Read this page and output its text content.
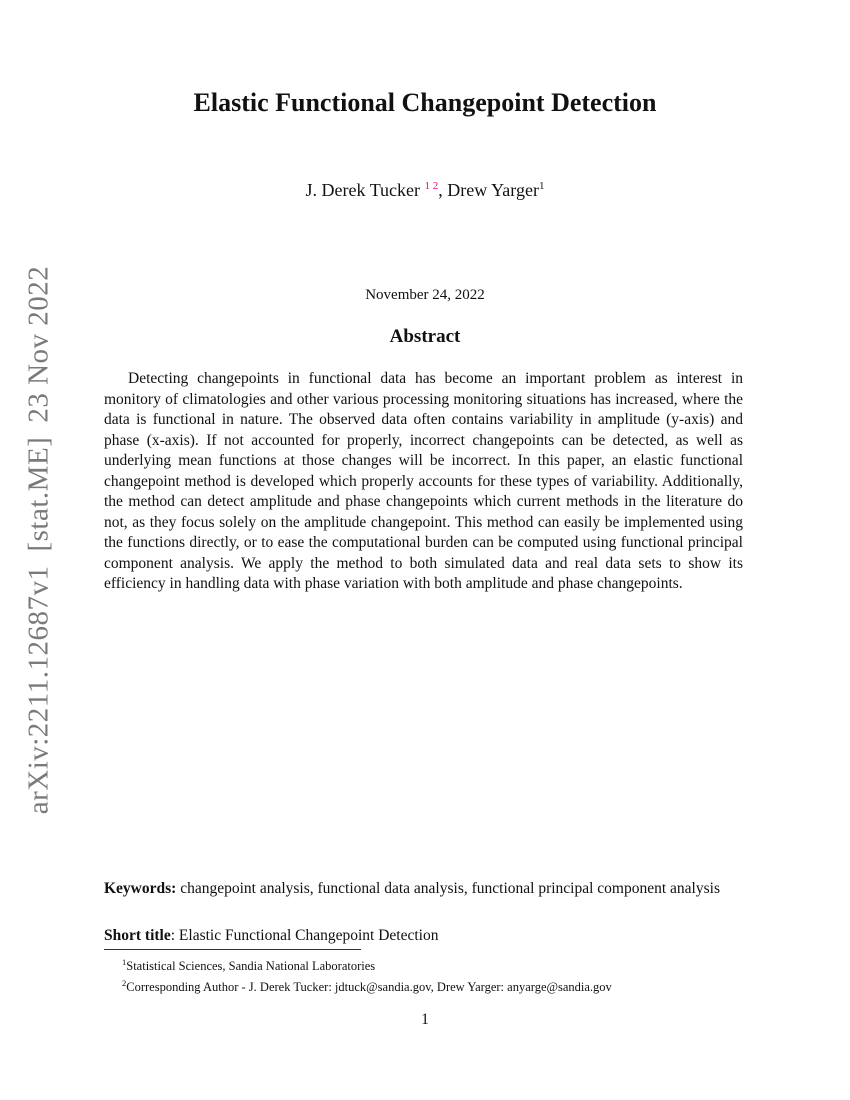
arXiv:2211.12687v1[stat.ME]23 Nov 2022
Elastic Functional Changepoint Detection
J. Derek Tucker $^{1 2}$, Drew Yarger$^1$
November 24, 2022
Abstract

Detecting changepoints in functional data has become an important problem as interest in monitory of climatologies and other various processing monitoring situations has increased, where the data is functional in nature. The observed data often contains variability in amplitude (y-axis) and phase (x-axis). If not accounted for properly, incorrect changepoints can be detected, as well as underlying mean functions at those changes will be incorrect. In this paper, an elastic functional changepoint method is developed which properly accounts for these types of variability. Additionally, the method can detect amplitude and phase changepoints which current methods in the literature do not, as they focus solely on the amplitude changepoint. This method can easily be implemented using the functions directly, or to ease the computational burden can be computed using functional principal component analysis. We apply the method to both simulated data and real data sets to show its efficiency in handling data with phase variation with both amplitude and phase changepoints.

Keywords: changepoint analysis, functional data analysis, functional principal component analysis

Short title: Elastic Functional Changepoint Detection

$^1$Statistical Sciences, Sandia National Laboratories
$^2$Corresponding Author - J. Derek Tucker: jdtuck@sandia.gov, Drew Yarger: anyarge@sandia.gov
1
